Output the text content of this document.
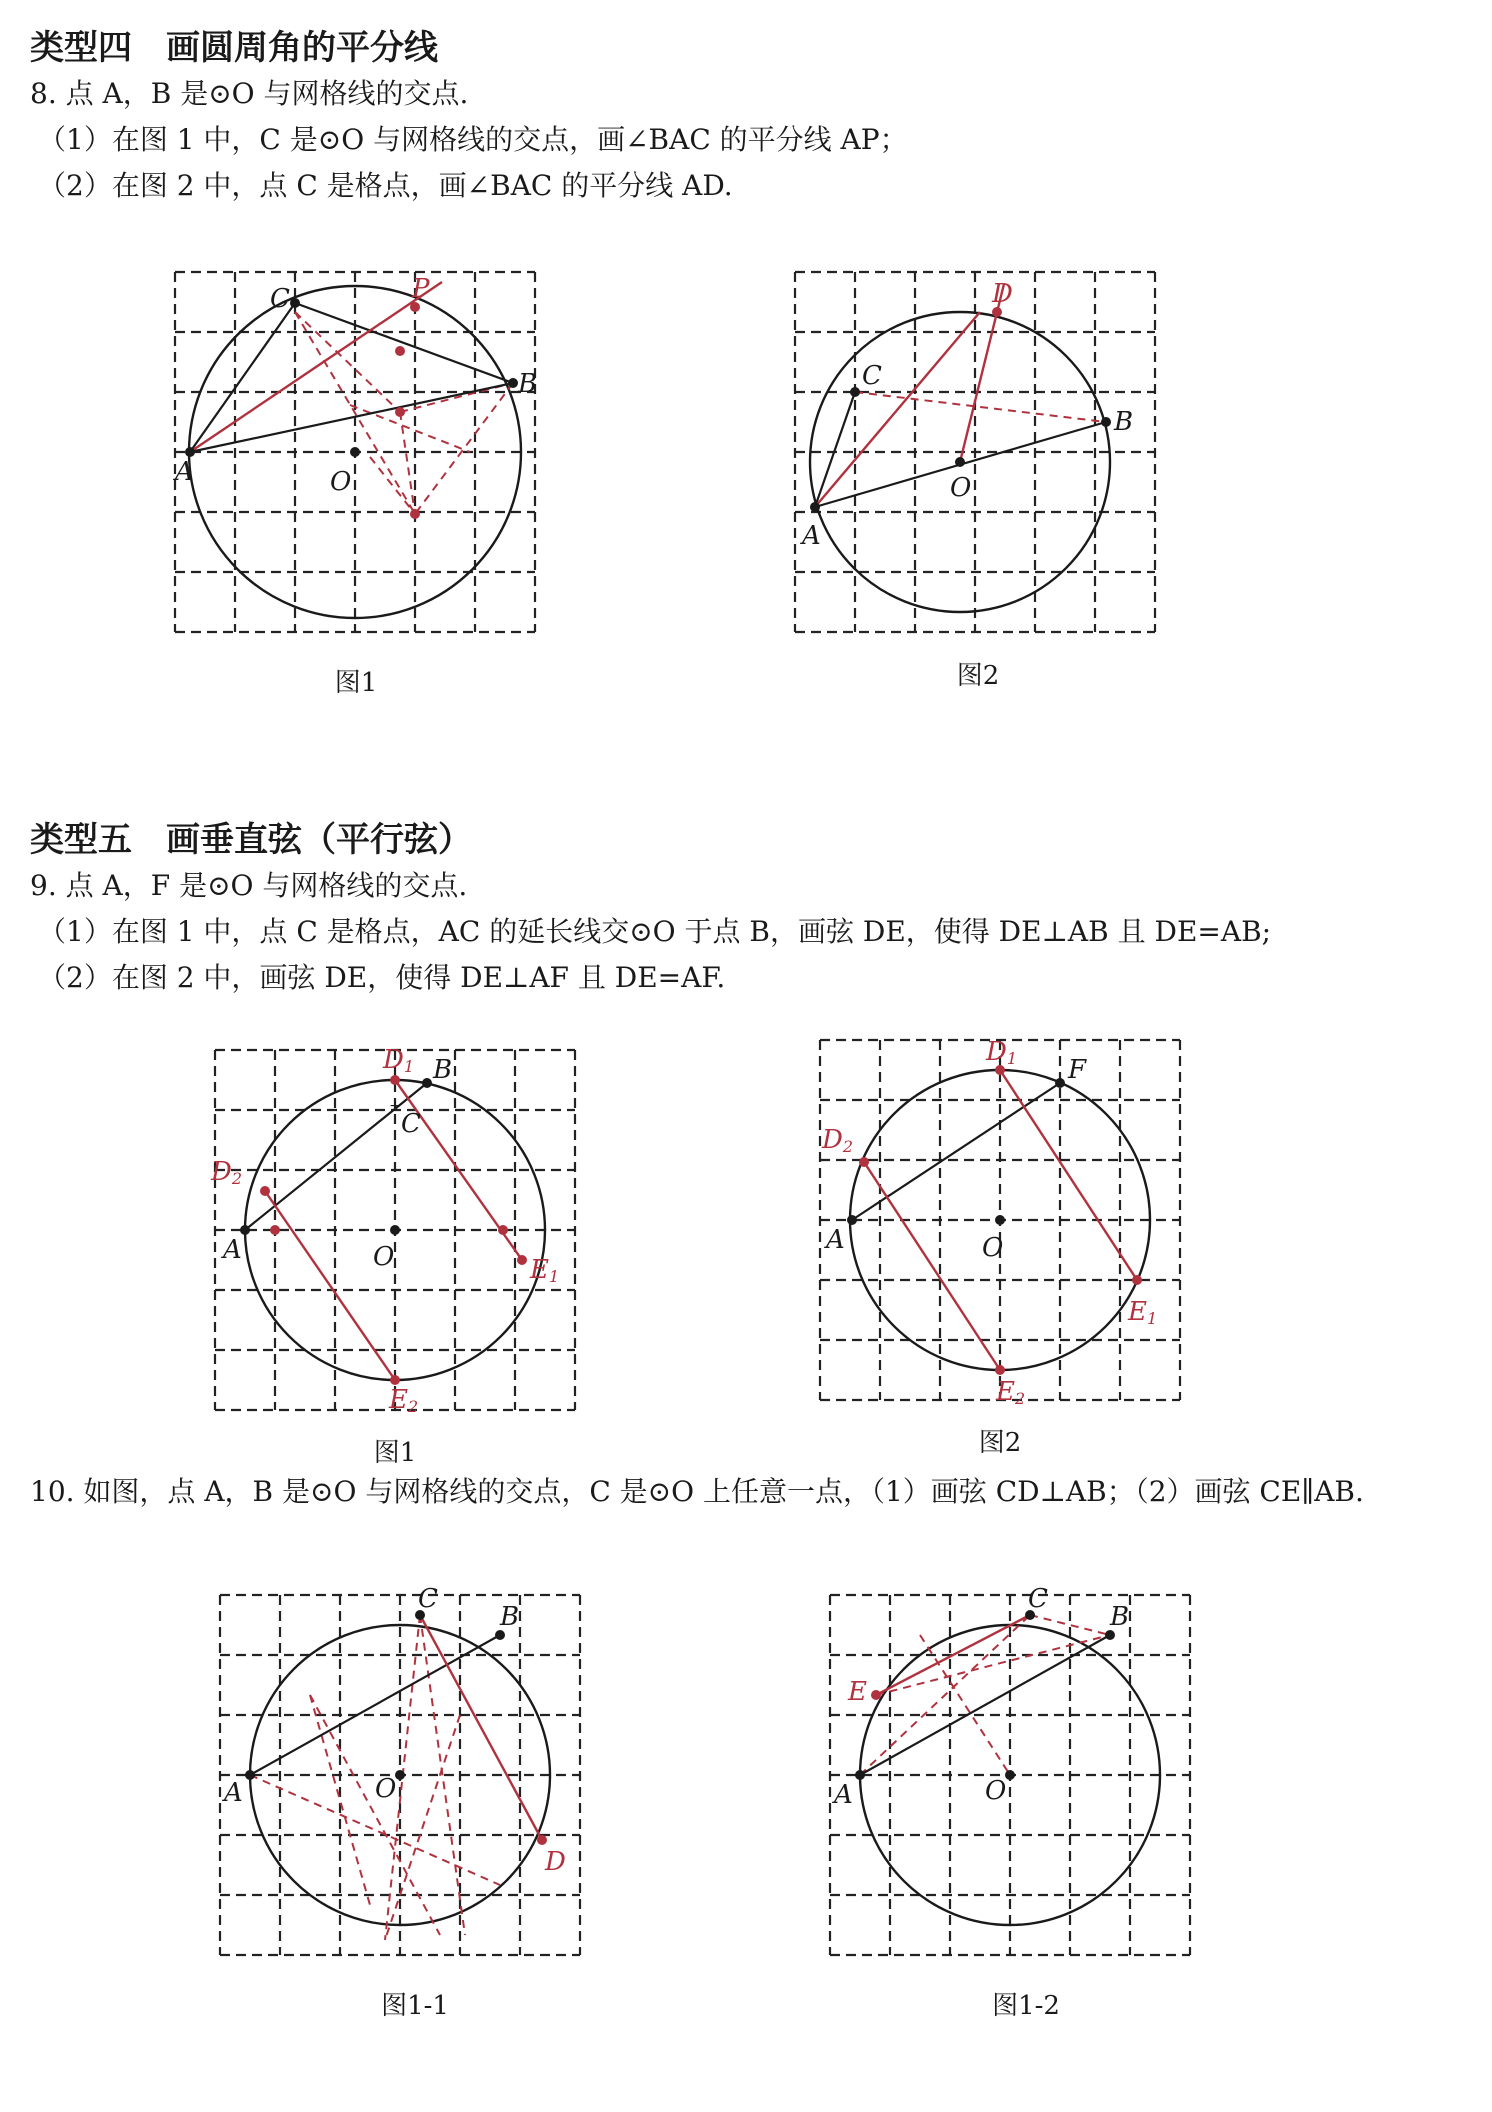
类型四　画圆周角的平分线
8. 点 A，B 是⊙O 与网格线的交点.
（1）在图 1 中，C 是⊙O 与网格线的交点，画∠BAC 的平分线 AP；
（2）在图 2 中，点 C 是格点，画∠BAC 的平分线 AD.
A
B
C
O
P
图1
A
C
B
O
D
图2
类型五　画垂直弦（平行弦）
9. 点 A，F 是⊙O 与网格线的交点.
（1）在图 1 中，点 C 是格点，AC 的延长线交⊙O 于点 B，画弦 DE，使得 DE⊥AB 且 DE=AB;
（2）在图 2 中，画弦 DE，使得 DE⊥AF 且 DE=AF.
+
A
B
C
O
D1
D2
E1
E2
图1
A
F
O
D1
D2
E1
E2
图2
10. 如图，点 A，B 是⊙O 与网格线的交点，C 是⊙O 上任意一点，（1）画弦 CD⊥AB；（2）画弦 CE∥AB.
A
B
C
O
D
图1-1
A
B
C
O
E
图1-2
